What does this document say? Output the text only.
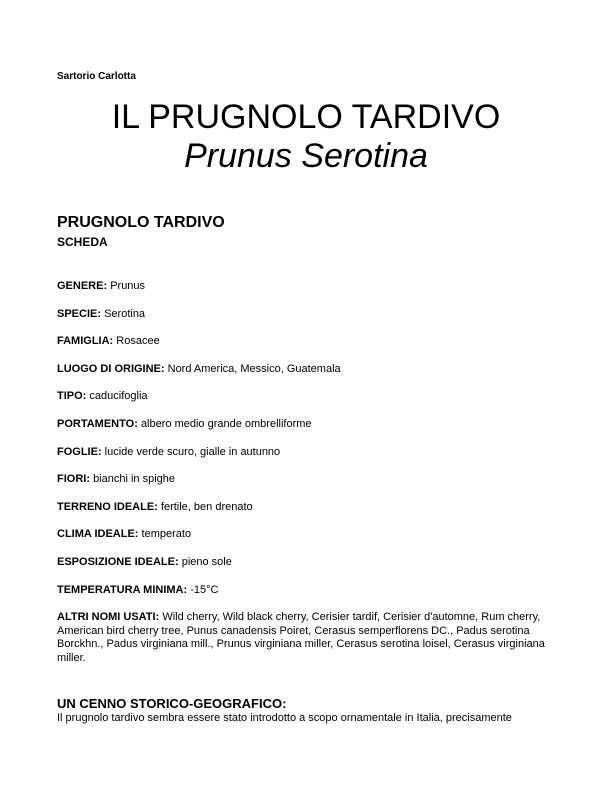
Sartorio Carlotta
IL PRUGNOLO TARDIVO
Prunus Serotina
PRUGNOLO TARDIVO
SCHEDA
GENERE: Prunus
SPECIE: Serotina
FAMIGLIA: Rosacee
LUOGO DI ORIGINE: Nord America, Messico, Guatemala
TIPO: caducifoglia
PORTAMENTO: albero medio grande ombrelliforme
FOGLIE: lucide verde scuro, gialle in autunno
FIORI: bianchi in spighe
TERRENO IDEALE: fertile, ben drenato
CLIMA IDEALE: temperato
ESPOSIZIONE IDEALE: pieno sole
TEMPERATURA MINIMA: -15°C
ALTRI NOMI USATI: Wild cherry, Wild black cherry, Cerisier tardif, Cerisier d'automne, Rum cherry, American bird cherry tree, Punus canadensis Poiret, Cerasus semperflorens DC., Padus serotina Borckhn., Padus virginiana mill., Prunus virginiana miller, Cerasus serotina loisel, Cerasus virginiana miller.
UN CENNO STORICO-GEOGRAFICO:
Il prugnolo tardivo sembra essere stato introdotto a scopo ornamentale in Italia, precisamente
